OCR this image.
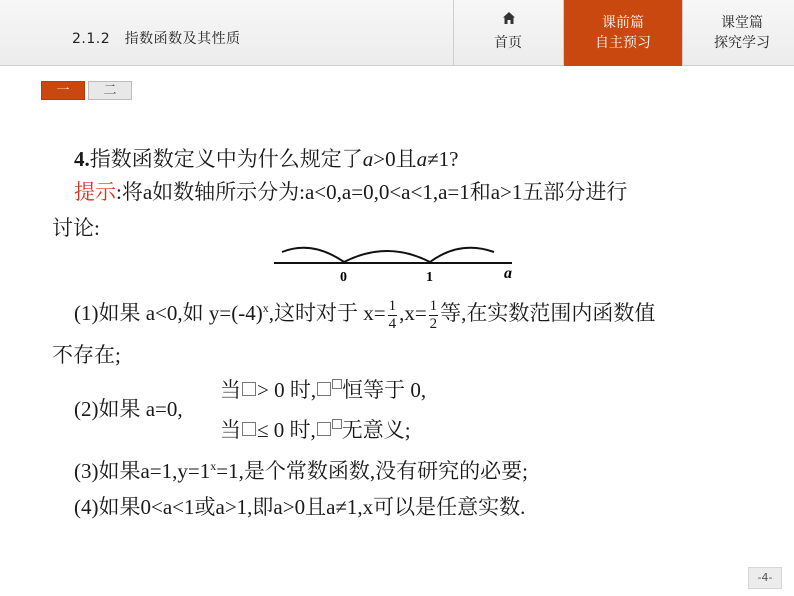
2.1.2　指数函数及其性质	首页
课前篇
自主预习
课堂篇
探究学习
一	二
4.指数函数定义中为什么规定了a>0且a≠1?
提示:将a如数轴所示分为:a<0,a=0,0<a<1,a=1和a>1五部分进行
讨论:
0	1	a
(1)如果 a<0,如 $y=(-4)^x$,这时对于 $x= \frac{1}{4} ,x= \frac{1}{2}$ 等,在实数范围内函数值
不存在;
(2)如果 a=0,
当 > 0 时, 恒等于 0,
当 ≤ 0 时, 无意义;
(3)如果$a=1,y=1^x=1$,是个常数函数,没有研究的必要;
(4)如果0<a<1或a>1,即a>0且a≠1,x可以是任意实数.
-4-
